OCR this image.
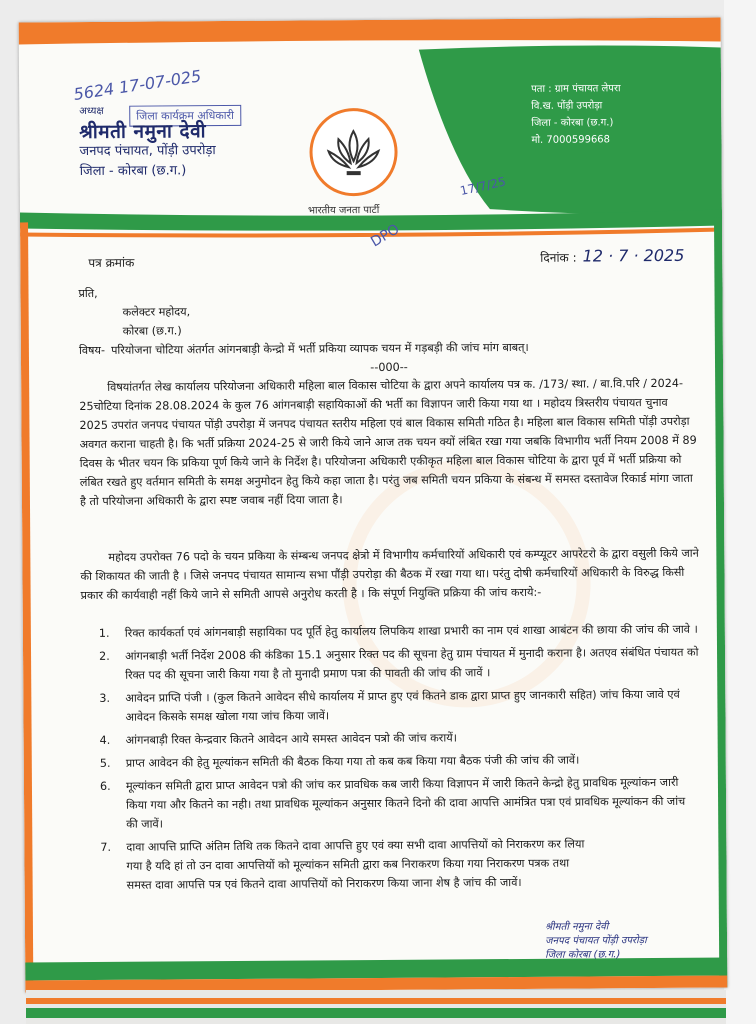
5624 17-07-025
जिला कार्यक्रम अधिकारी
अध्यक्ष
श्रीमती नमुना देवी
जनपद पंचायत, पोंड़ी उपरोड़ा
जिला - कोरबा (छ.ग.)
भारतीय जनता पार्टी
पता : ग्राम पंचायत लेपरा
वि.ख. पोंड़ी उपरोड़ा
जिला - कोरबा (छ.ग.)
मो. 7000599668
DPO
17/7/25
पत्र क्रमांक	दिनांक : 12 · 7 · 2025
प्रति,
कलेक्टर महोदय,
कोरबा (छ.ग.)
विषय- परियोजना चोटिया अंतर्गत आंगनबाड़ी केन्द्रो में भर्ती प्रकिया व्यापक चयन में गड़बड़ी की जांच मांग बाबत्।
--000--
विषयांतर्गत लेख कार्यालय परियोजना अधिकारी महिला बाल विकास चोटिया के द्वारा अपने कार्यालय पत्र क. /173/ स्था. / बा.वि.परि / 2024-25चोटिया दिनांक 28.08.2024 के कुल 76 आंगनबाड़ी सहायिकाओं की भर्ती का विज्ञापन जारी किया गया था । महोदय त्रिस्तरीय पंचायत चुनाव 2025 उपरांत जनपद पंचायत पोंड़ी उपरोड़ा में जनपद पंचायत स्तरीय महिला एवं बाल विकास समिती गठित है। महिला बाल विकास समिती पोंड़ी उपरोड़ा अवगत कराना चाहती है। कि भर्ती प्रक्रिया 2024-25 से जारी किये जाने आज तक चयन क्यों लंबित रखा गया जबकि विभागीय भर्ती नियम 2008 में 89 दिवस के भीतर चयन कि प्रकिया पूर्ण किये जाने के निर्देश है। परियोजना अधिकारी एकीकृत महिला बाल विकास चोटिया के द्वारा पूर्व में भर्ती प्रक्रिया को लंबित रखते हुए वर्तमान समिती के समक्ष अनुमोदन हेतु किये कहा जाता है। परंतु जब समिती चयन प्रकिया के संबन्ध में समस्त दस्तावेज रिकार्ड मांगा जाता है तो परियोजना अधिकारी के द्वारा स्पष्ट जवाब नहीं दिया जाता है।
महोदय उपरोक्त 76 पदो के चयन प्रकिया के संम्बन्ध जनपद क्षेत्रो में विभागीय कर्मचारियों अधिकारी एवं कम्प्यूटर आपरेटरो के द्वारा वसुली किये जाने की शिकायत की जाती है । जिसे जनपद पंचायत सामान्य सभा पौंड़ी उपरोड़ा की बैठक में रखा गया था। परंतु दोषी कर्मचारियों अधिकारी के विरुद्ध किसी प्रकार की कार्यवाही नहीं किये जाने से समिती आपसे अनुरोध करती है । कि संपूर्ण नियुक्ति प्रक्रिया की जांच कराये:-
1.	रिक्त कार्यकर्ता एवं आंगनबाड़ी सहायिका पद पूर्ति हेतु कार्यालय लिपकिय शाखा प्रभारी का नाम एवं शाखा आबंटन की छाया की जांच की जावे ।
2.	आंगनबाड़ी भर्ती निर्देश 2008 की कंडिका 15.1 अनुसार रिक्त पद की सूचना हेतु ग्राम पंचायत में मुनादी कराना है। अतएव संबंधित पंचायत को रिक्त पद की सूचना जारी किया गया है तो मुनादी प्रमाण पत्रा की पावती की जांच की जावें ।
3.	आवेदन प्राप्ति पंजी । (कुल कितने आवेदन सीधे कार्यालय में प्राप्त हुए एवं कितने डाक द्वारा प्राप्त हुए जानकारी सहित) जांच किया जावे एवं आवेदन किसके समक्ष खोला गया जांच किया जावें।
4.	आंगनबाड़ी रिक्त केन्द्रवार कितने आवेदन आये समस्त आवेदन पत्रो की जांच करायें।
5.	प्राप्त आवेदन की हेतु मूल्यांकन समिती की बैठक किया गया तो कब कब किया गया बैठक पंजी की जांच की जावें।
6.	मूल्यांकन समिती द्वारा प्राप्त आवेदन पत्रो की जांच कर प्रावधिक कब जारी किया विज्ञापन में जारी कितने केन्द्रो हेतु प्रावधिक मूल्यांकन जारी किया गया और कितने का नही। तथा प्रावधिक मूल्यांकन अनुसार कितने दिनो की दावा आपत्ति आमंत्रित पत्रा एवं प्रावधिक मूल्यांकन की जांच की जावें।
7.	दावा आपत्ति प्राप्ति अंतिम तिथि तक कितने दावा आपत्ति हुए एवं क्या सभी दावा आपत्तियों को निराकरण कर लिया गया है यदि हां तो उन दावा आपत्तियों को मूल्यांकन समिती द्वारा कब निराकरण किया गया निराकरण पत्रक तथा समस्त दावा आपत्ति पत्र एवं कितने दावा आपत्तियों को निराकरण किया जाना शेष है जांच की जावें।
श्रीमती नमुना देवी
जनपद पंचायत पोंड़ी उपरोड़ा
जिला कोरबा (छ.ग.)
